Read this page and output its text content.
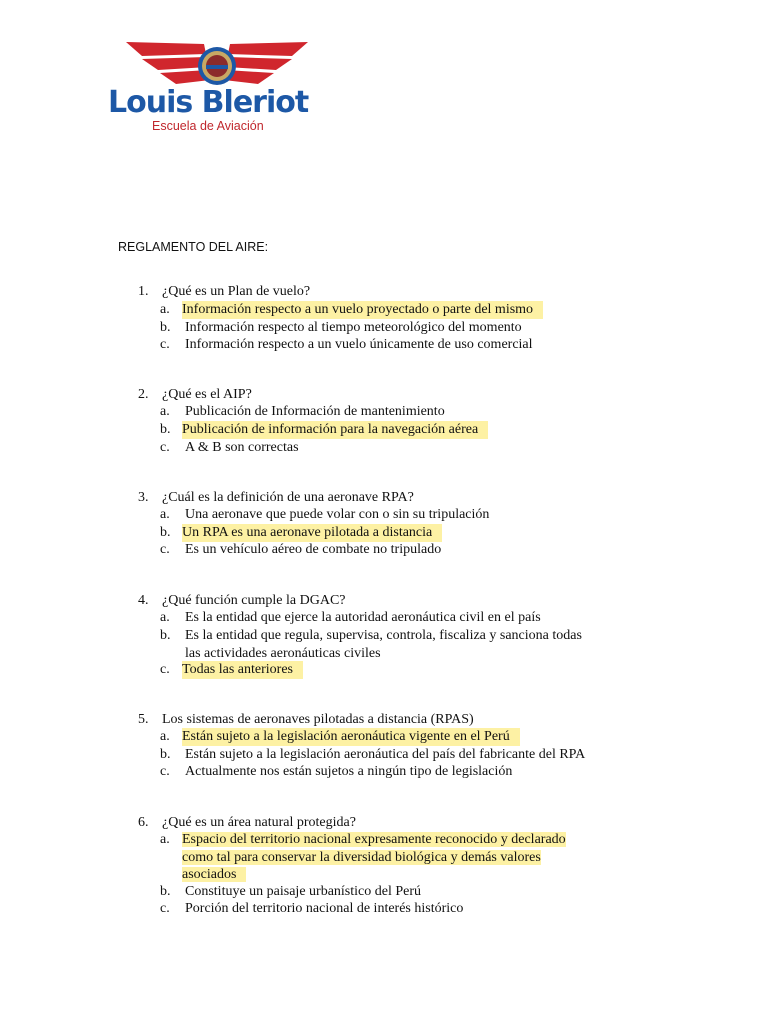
Louis Bleriot
Escuela de Aviación
REGLAMENTO DEL AIRE:
1. ¿Qué es un Plan de vuelo?
a. Información respecto a un vuelo proyectado o parte del mismo
b. Información respecto al tiempo meteorológico del momento
c. Información respecto a un vuelo únicamente de uso comercial
2. ¿Qué es el AIP?
a. Publicación de Información de mantenimiento
b. Publicación de información para la navegación aérea
c. A & B son correctas
3. ¿Cuál es la definición de una aeronave RPA?
a. Una aeronave que puede volar con o sin su tripulación
b. Un RPA es una aeronave pilotada a distancia
c. Es un vehículo aéreo de combate no tripulado
4. ¿Qué función cumple la DGAC?
a. Es la entidad que ejerce la autoridad aeronáutica civil en el país
b. Es la entidad que regula, supervisa, controla, fiscaliza y sanciona todas
las actividades aeronáuticas civiles
c. Todas las anteriores
5. Los sistemas de aeronaves pilotadas a distancia (RPAS)
a. Están sujeto a la legislación aeronáutica vigente en el Perú
b. Están sujeto a la legislación aeronáutica del país del fabricante del RPA
c. Actualmente nos están sujetos a ningún tipo de legislación
6. ¿Qué es un área natural protegida?
a. Espacio del territorio nacional expresamente reconocido y declarado
como tal para conservar la diversidad biológica y demás valores
asociados
b. Constituye un paisaje urbanístico del Perú
c. Porción del territorio nacional de interés histórico
